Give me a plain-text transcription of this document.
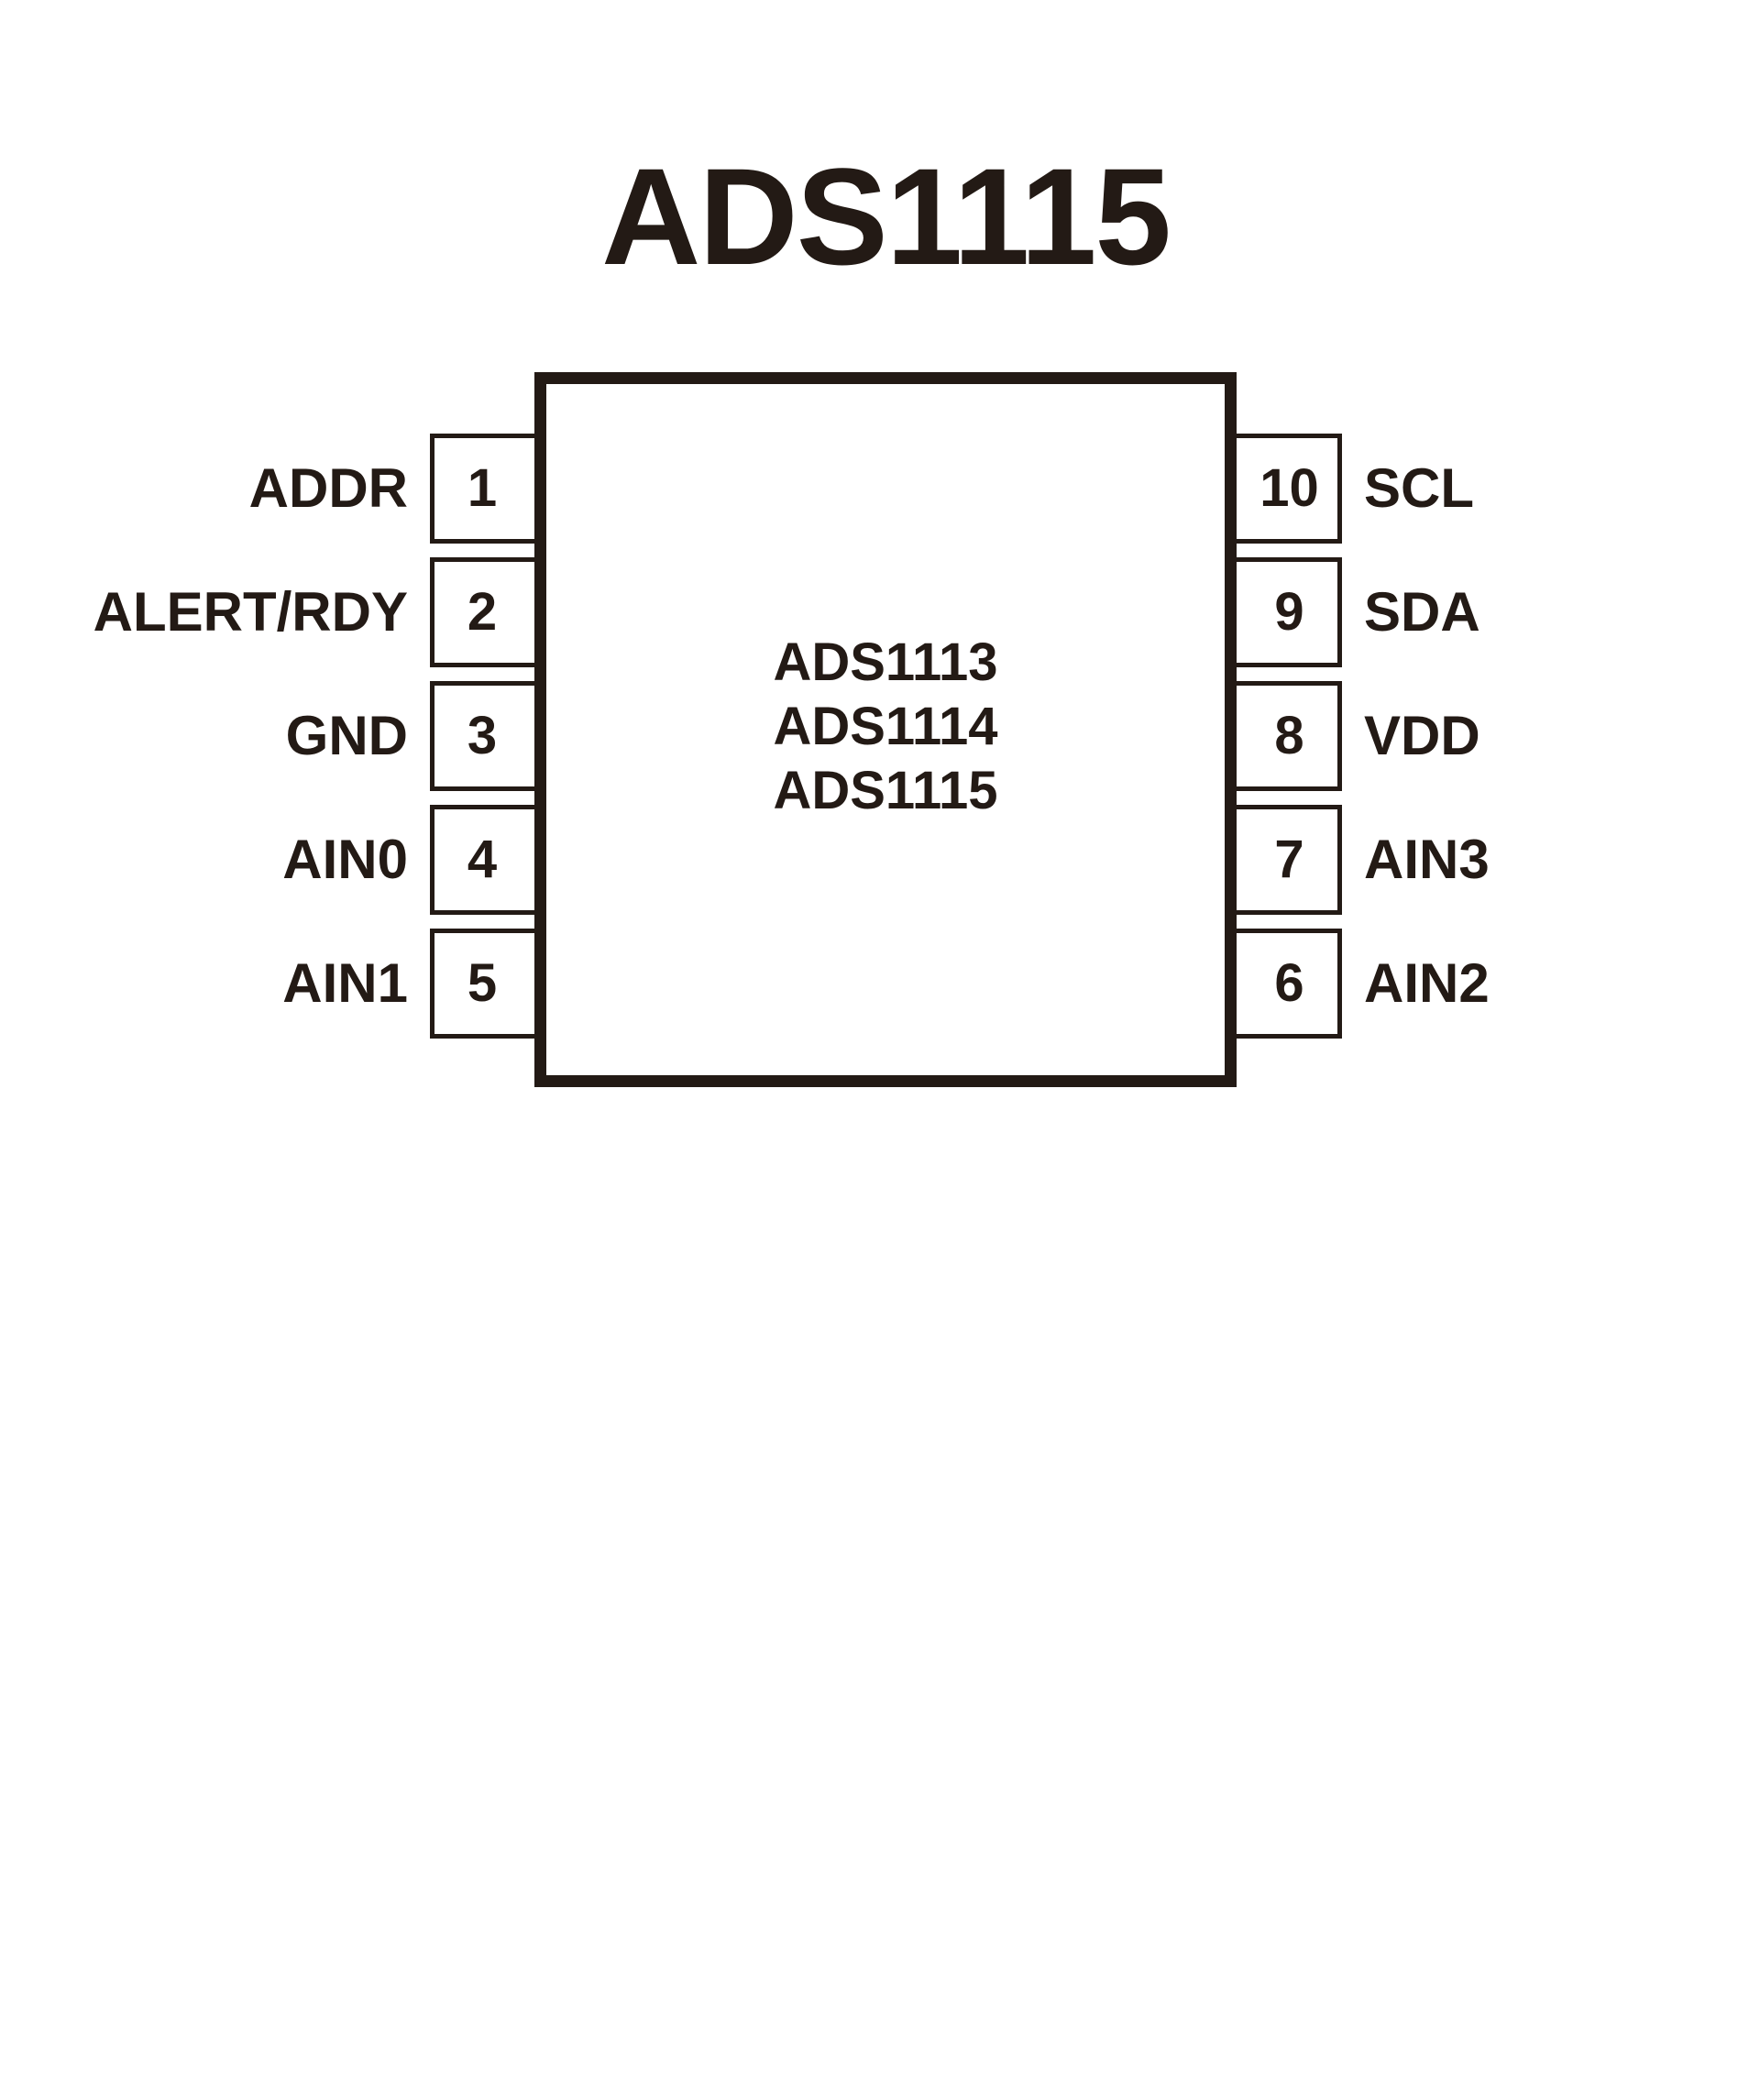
ADS1115
ADDR
ALERT/RDY
GND
AIN0
AIN1
1
2
3
4
5
ADS1113
ADS1114
ADS1115
10
9
8
7
6
SCL
SDA
VDD
AIN3
AIN2
